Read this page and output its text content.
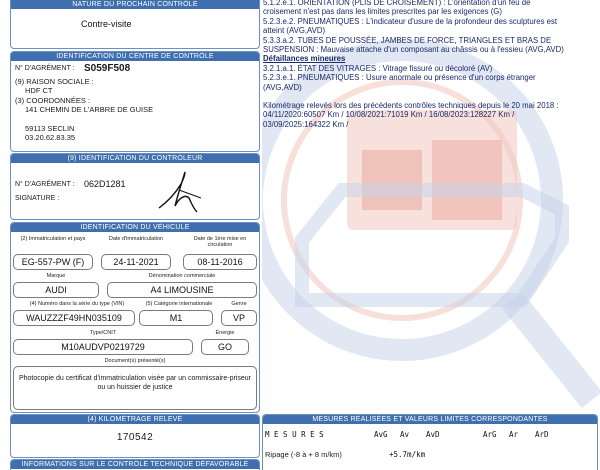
5.1.2.e.1. ORIENTATION (PLIS DE CROISEMENT) : L'orientation d'un feu de
croisement n'est pas dans les limites prescrites par les exigences (G)
5.2.3.e.2. PNEUMATIQUES : L'indicateur d'usure de la profondeur des sculptures est
atteint (AVG,AVD)
5.3.3.a.2. TUBES DE POUSSÉE, JAMBES DE FORCE, TRIANGLES ET BRAS DE
SUSPENSION : Mauvaise attache d'un composant au châssis ou à l'essieu (AVG,AVD)
Défaillances mineures
3.2.1.a.1. ÉTAT DES VITRAGES : Vitrage fissuré ou décoloré (AV)
5.2.3.e.1. PNEUMATIQUES : Usure anormale ou présence d'un corps étranger
(AVG,AVD)
Kilométrage relevés lors des précédents contrôles techniques depuis le 20 mai 2018 :
04/11/2020:60507 Km / 10/08/2021:71019 Km / 16/08/2023:128227 Km /
03/09/2025:164322 Km /
NATURE DU PROCHAIN CONTRÔLE
Contre-visite
IDENTIFICATION DU CENTRE DE CONTRÔLE
N° D'AGRÉMENT : S059F508
(9) RAISON SOCIALE :
HDF CT
(3) COORDONNÉES :
141 CHEMIN DE L'ARBRE DE GUISE
59113 SECLIN
03.20.62.83.35
(9) IDENTIFICATION DU CONTRÔLEUR
N° D'AGRÉMENT : 062D1281
SIGNATURE :
IDENTIFICATION DU VÉHICULE
(2) Immatriculation et pays	Date d'immatriculation	Date de 1ère mise en circulation
EG-557-PW (F)	24-11-2021	08-11-2016
Marque	Dénomination commerciale
AUDI	A4 LIMOUSINE
(4) Numéro dans la série du type (VIN)	(5) Catégorie internationale	Genre
WAUZZZF49HN035109	M1	VP
Type/CNIT	Énergie
M10AUDVP0219729	GO
Document(s) présenté(s)
Photocopie du certificat d'immatriculation visée par un commissaire-priseur ou un huissier de justice
(4) KILOMÉTRAGE RELEVÉ
170542
INFORMATIONS SUR LE CONTRÔLE TECHNIQUE DÉFAVORABLE
MESURES RÉALISÉES ET VALEURS LIMITES CORRESPONDANTES
M E S U R E S	AvG Av AvD	ArG Ar ArD
Ripage (-8 à + 8 m/km)	+5.7m/km
